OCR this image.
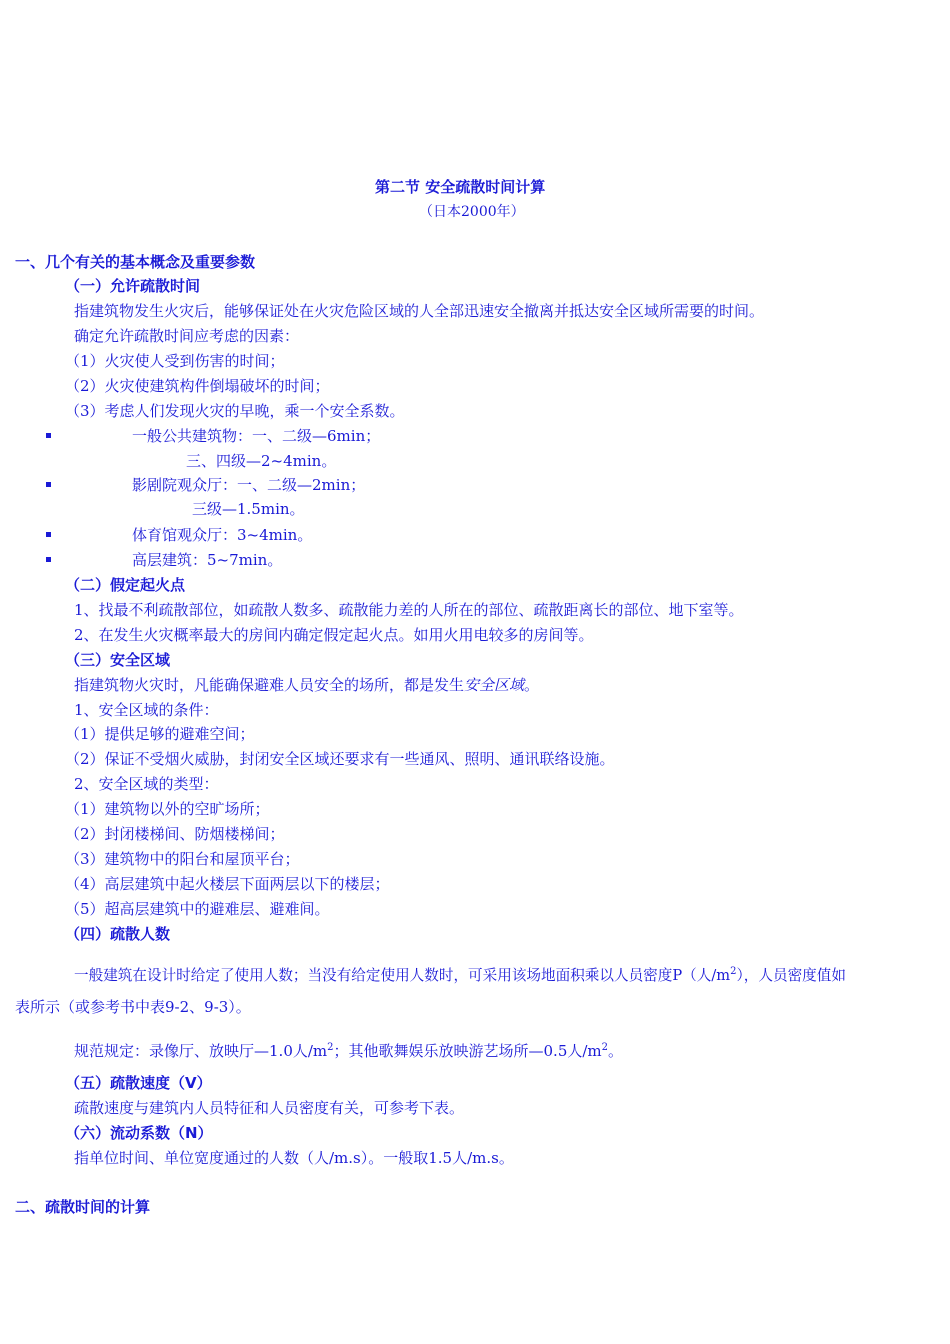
第二节 安全疏散时间计算
（日本2000年）
一、几个有关的基本概念及重要参数
（一）允许疏散时间
指建筑物发生火灾后，能够保证处在火灾危险区域的人全部迅速安全撤离并抵达安全区域所需要的时间。
确定允许疏散时间应考虑的因素：
（1）火灾使人受到伤害的时间；
（2）火灾使建筑构件倒塌破坏的时间；
（3）考虑人们发现火灾的早晚，乘一个安全系数。
一般公共建筑物：一、二级—6min；
三、四级—2~4min。
影剧院观众厅：一、二级—2min；
三级—1.5min。
体育馆观众厅：3~4min。
高层建筑：5~7min。
（二）假定起火点
1、找最不利疏散部位，如疏散人数多、疏散能力差的人所在的部位、疏散距离长的部位、地下室等。
2、在发生火灾概率最大的房间内确定假定起火点。如用火用电较多的房间等。
（三）安全区域
指建筑物火灾时，凡能确保避难人员安全的场所，都是发生安全区域。
1、安全区域的条件：
（1）提供足够的避难空间；
（2）保证不受烟火威胁，封闭安全区域还要求有一些通风、照明、通讯联络设施。
2、安全区域的类型：
（1）建筑物以外的空旷场所；
（2）封闭楼梯间、防烟楼梯间；
（3）建筑物中的阳台和屋顶平台；
（4）高层建筑中起火楼层下面两层以下的楼层；
（5）超高层建筑中的避难层、避难间。
（四）疏散人数
一般建筑在设计时给定了使用人数；当没有给定使用人数时，可采用该场地面积乘以人员密度P（人$/m^2$），人员密度值如
表所示（或参考书中表9-2、9-3）。
规范规定：录像厅、放映厅—1.0人$/m^2$；其他歌舞娱乐放映游艺场所—0.5人$/m^2$。
（五）疏散速度（V）
疏散速度与建筑内人员特征和人员密度有关，可参考下表。
（六）流动系数（N）
指单位时间、单位宽度通过的人数（人/m.s）。一般取1.5人/m.s。
二、疏散时间的计算
